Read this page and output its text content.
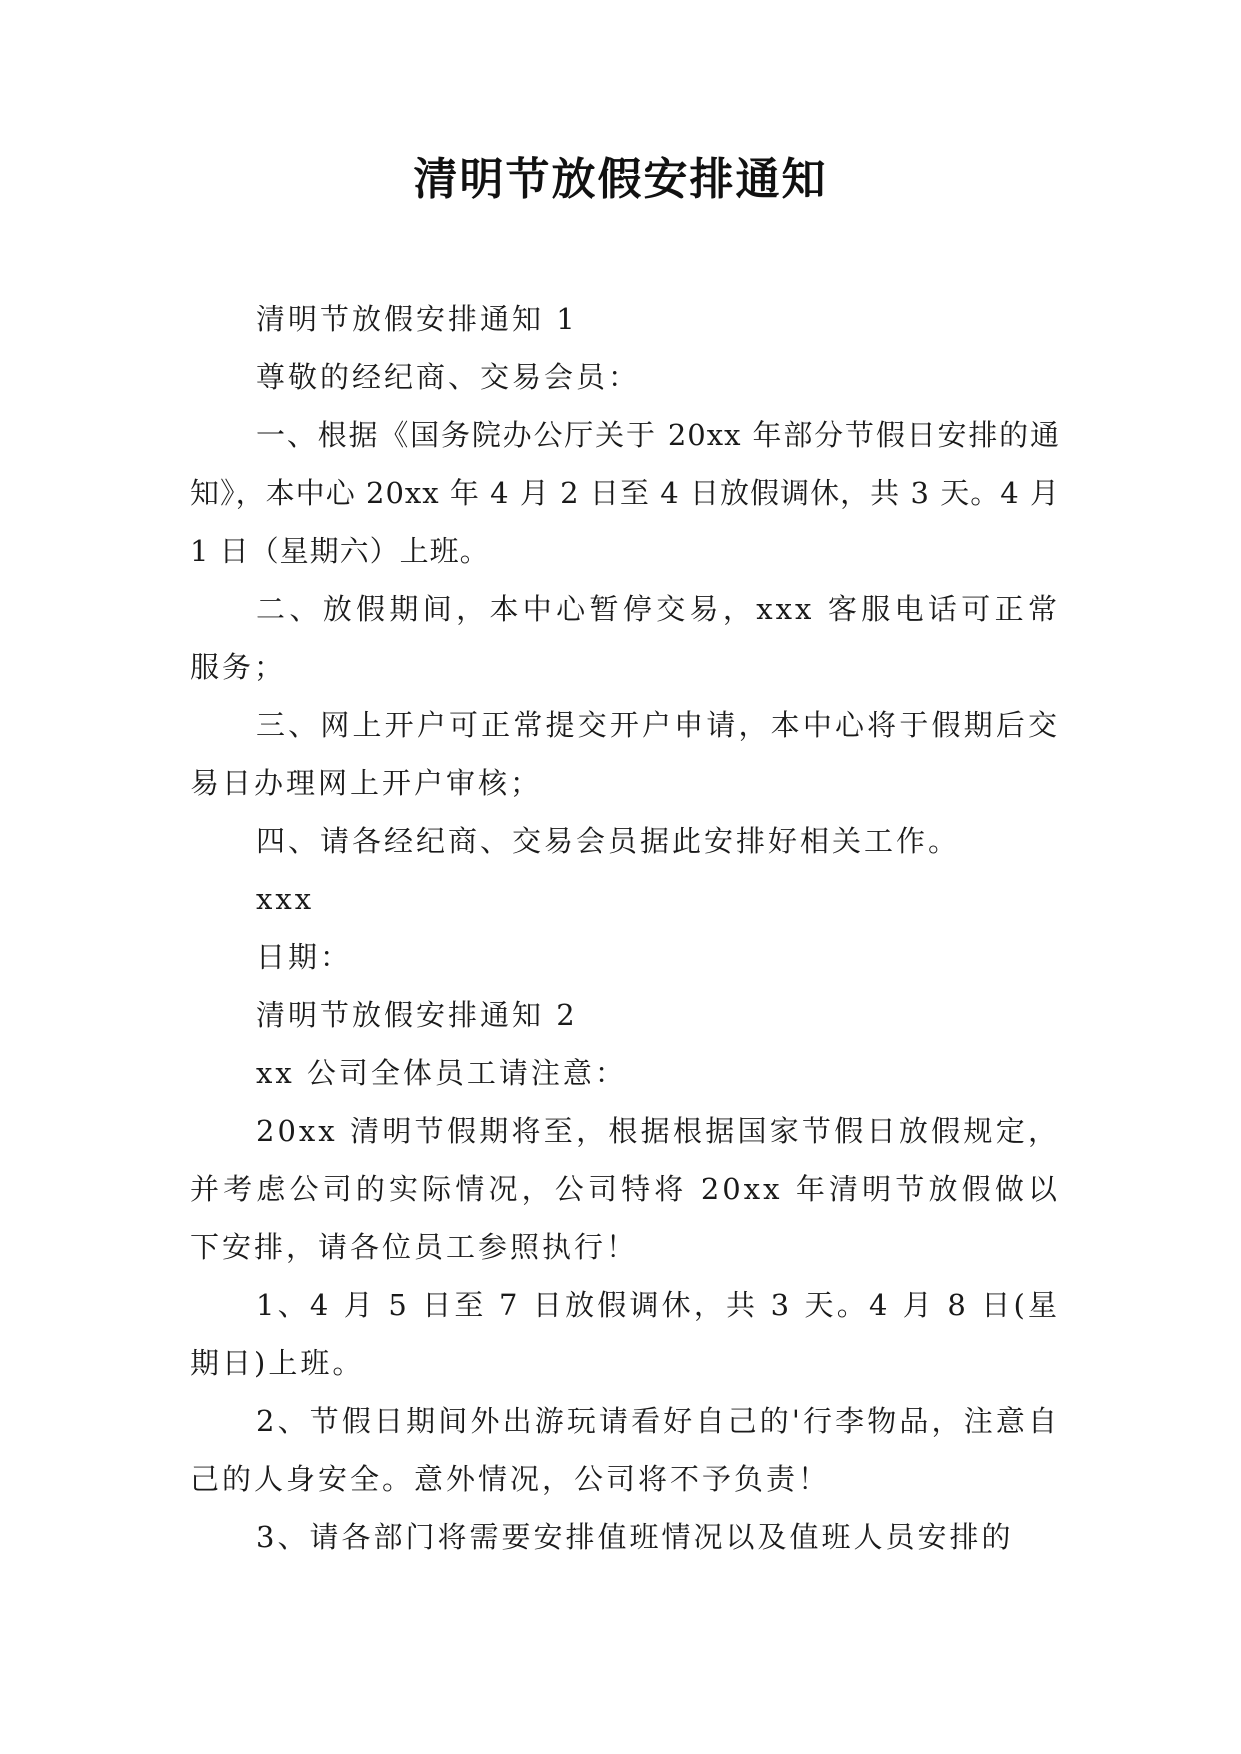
清明节放假安排通知

清明节放假安排通知 1

尊敬的经纪商、交易会员：

一、根据《国务院办公厅关于 20xx 年部分节假日安排的通知》，本中心 20xx 年 4 月 2 日至 4 日放假调休，共 3 天。4 月 1 日（星期六）上班。

二、放假期间，本中心暂停交易，xxx 客服电话可正常服务；

三、网上开户可正常提交开户申请，本中心将于假期后交易日办理网上开户审核；

四、请各经纪商、交易会员据此安排好相关工作。

xxx

日期：

清明节放假安排通知 2

xx 公司全体员工请注意：

20xx 清明节假期将至，根据根据国家节假日放假规定，并考虑公司的实际情况，公司特将 20xx 年清明节放假做以下安排，请各位员工参照执行！

1、4 月 5 日至 7 日放假调休，共 3 天。4 月 8 日(星期日)上班。

2、节假日期间外出游玩请看好自己的'行李物品，注意自己的人身安全。意外情况，公司将不予负责！

3、请各部门将需要安排值班情况以及值班人员安排的
